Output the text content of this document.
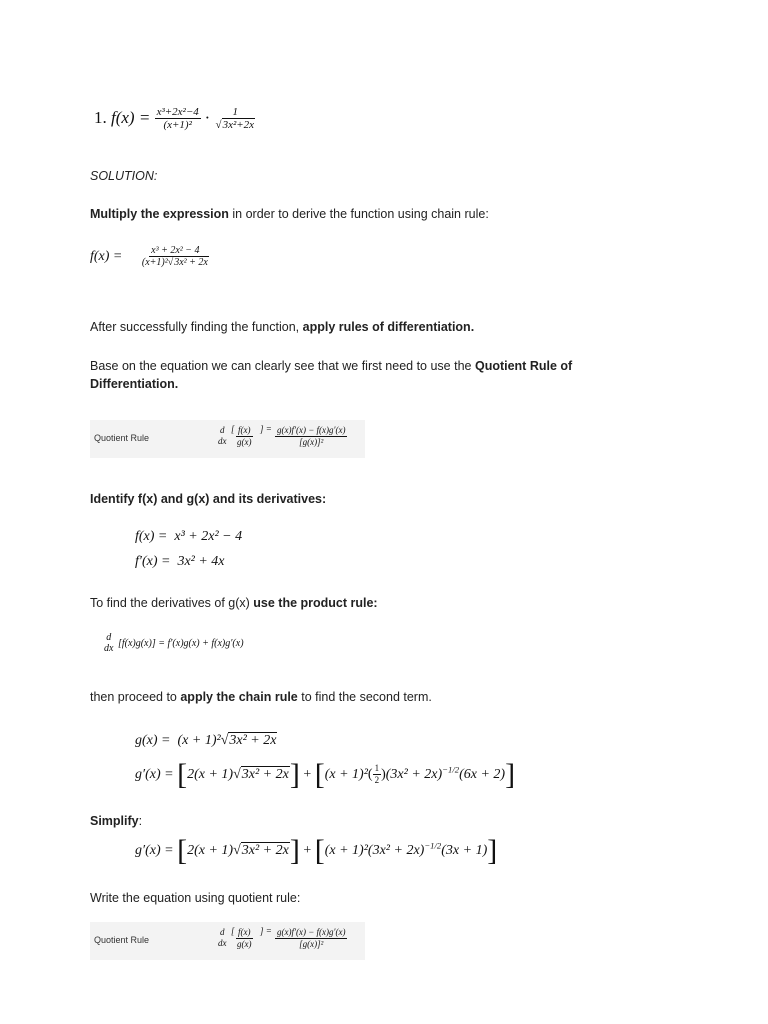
1. $f(x) = \frac{\text{x³+2x²−4}}{\text{(x+1)²}} \cdot \frac{1}{\text{√3x²+2x}}$
SOLUTION:
Multiply the expression in order to derive the function using chain rule:
$f(x) = \frac{\text{x³ + 2x² − 4}}{\text{(x+1)²√3x² + 2x}}$
After successfully finding the function, apply rules of differentiation.
Base on the equation we can clearly see that we first need to use the Quotient Rule of
Differentiation.
Quotient Rule
d
dx
[ $\frac{f(x)}{g(x)}$ ] = $\frac{g(x)f'(x) - f(x)g'(x)}{\text{[g(x)]²}}$
Identify f(x) and g(x) and its derivatives:
f(x) = x³ + 2x² − 4
f′(x) = 3x² + 4x
To find the derivatives of g(x) use the product rule:
d
dx [f(x)g(x)] = f′(x)g(x) + f(x)g′(x)
then proceed to apply the chain rule to find the second term.
g(x) = (x + 1)²√3x² + 2x
$g'(x) = [2(x + 1)√3x^2 + 2x] + [(x + 1)^2( \frac{1}{2} )(3x^2 + 2x)^{-1/2}(6x + 2)]$
Simplify:
$g'(x) = [2(x + 1)√3x^2 + 2x] + [(x + 1)^2(3x^2 + 2x)^{-1/2}(3x + 1)]$
Write the equation using quotient rule:
Quotient Rule
d
dx
[ $\frac{f(x)}{g(x)}$ ] = $\frac{g(x)f'(x) - f(x)g'(x)}{\text{[g(x)]²}}$
